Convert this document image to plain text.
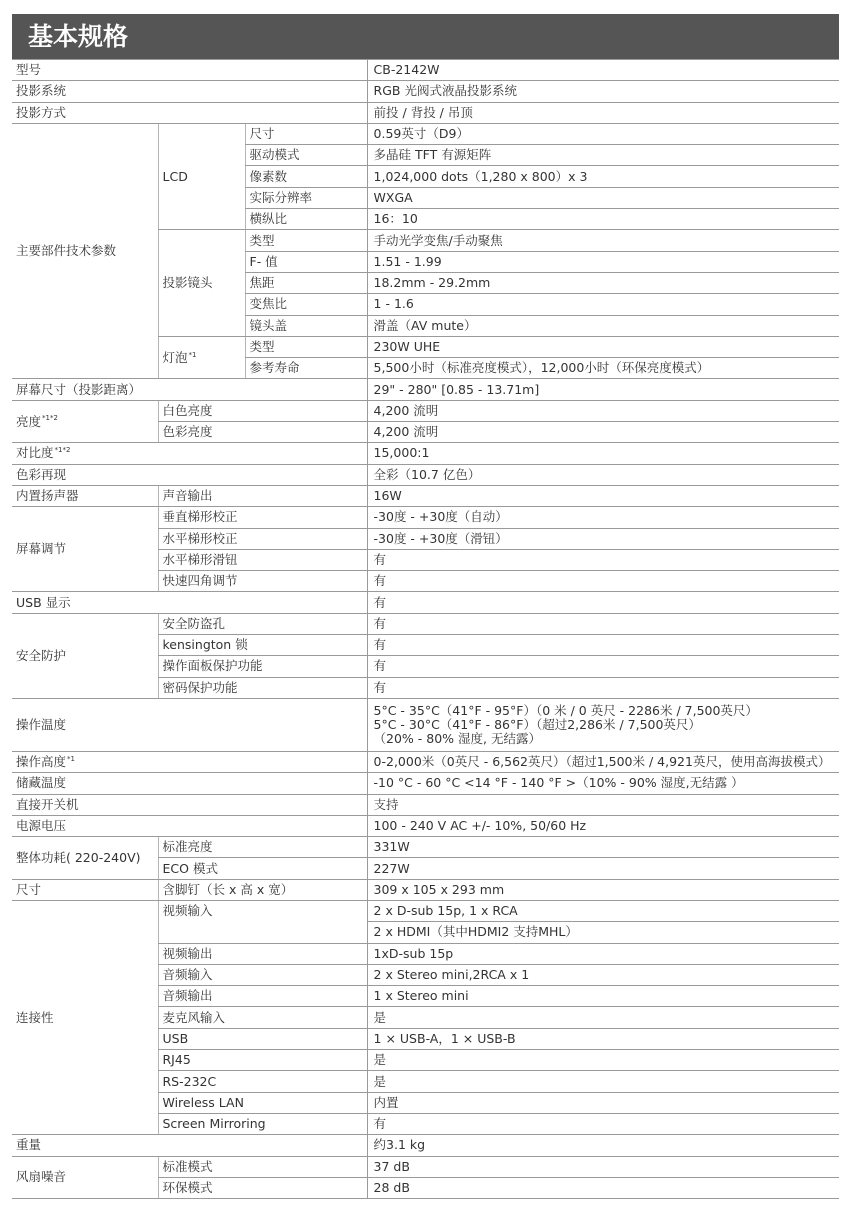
基本规格
型号			CB-2142W
投影系统			RGB 光阀式液晶投影系统
投影方式			前投 / 背投 / 吊顶
主要部件技术参数	LCD	尺寸	0.59英寸（D9）
		驱动模式	多晶硅 TFT 有源矩阵
		像素数	1,024,000 dots（1,280 x 800）x 3
		实际分辨率	WXGA
		横纵比	16：10
	投影镜头	类型	手动光学变焦/手动聚焦
		F- 值	1.51 - 1.99
		焦距	18.2mm - 29.2mm
		变焦比	1 - 1.6
		镜头盖	滑盖（AV mute）
	灯泡$^{*1}$	类型	230W UHE
		参考寿命	5,500小时（标准亮度模式），12,000小时（环保亮度模式）
屏幕尺寸（投影距离）			29" - 280" [0.85 - 13.71m]
亮度$^{*1*2}$	白色亮度		4,200 流明
	色彩亮度		4,200 流明
对比度$^{*1*2}$			15,000:1
色彩再现			全彩（10.7 亿色）
内置扬声器	声音输出		16W
屏幕调节	垂直梯形校正		-30度 - +30度（自动）
	水平梯形校正		-30度 - +30度（滑钮）
	水平梯形滑钮		有
	快速四角调节		有
USB 显示			有
安全防护	安全防盗孔		有
	kensington 锁		有
	操作面板保护功能		有
	密码保护功能		有
操作温度			5°C - 35°C（41°F - 95°F）（0 米 / 0 英尺 - 2286米 / 7,500英尺）
5°C - 30°C（41°F - 86°F）（超过2,286米 / 7,500英尺）
（20% - 80% 湿度, 无结露）

操作高度$^{*1}$			0-2,000米（0英尺 - 6,562英尺）（超过1,500米 / 4,921英尺，使用高海拔模式）
储藏温度			-10 °C - 60 °C <14 °F - 140 °F >（10% - 90% 湿度,无结露 ）
直接开关机			支持
电源电压			100 - 240 V AC +/- 10%, 50/60 Hz
整体功耗( 220-240V)	标准亮度		331W
	ECO 模式		227W
尺寸	含脚钉（长 x 高 x 宽）		309 x 105 x 293 mm
连接性	视频输入		2 x D-sub 15p, 1 x RCA
			2 x HDMI（其中HDMI2 支持MHL）
	视频输出		1xD-sub 15p
	音频输入		2 x Stereo mini,2RCA x 1
	音频输出		1 x Stereo mini
	麦克风输入		是
	USB		1 × USB-A，1 × USB-B
	RJ45		是
	RS-232C		是
	Wireless LAN		内置
	Screen Mirroring		有
重量			约3.1 kg
风扇噪音	标准模式		37 dB
	环保模式		28 dB
